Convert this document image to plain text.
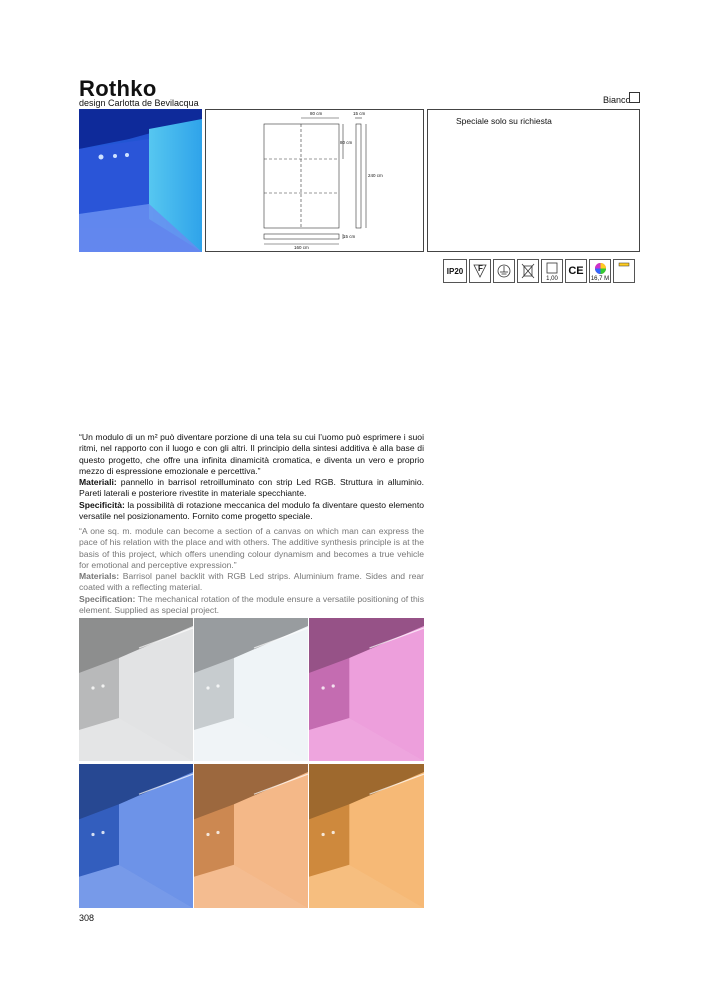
Rothko
design Carlotta de Bevilacqua	Bianco
80 cm	15 cm
80 cm
240 cm
15 cm
160 cm
Speciale solo su richiesta
IP20 F
1,00
CE
16,7 M
“Un modulo di un m² può diventare porzione di una tela su cui l’uomo può esprimere i suoi ritmi, nel rapporto con il luogo e con gli altri. Il principio della sintesi additiva è alla base di questo progetto, che offre una infinita dinamicità cromatica, e diventa un vero e proprio mezzo di espressione emozionale e percettiva.”
Materiali: pannello in barrisol retroilluminato con strip Led RGB. Struttura in alluminio. Pareti laterali e posteriore rivestite in materiale specchiante.
Specificità: la possibilità di rotazione meccanica del modulo fa diventare questo elemento versatile nel posizionamento. Fornito come progetto speciale.
“A one sq. m. module can become a section of a canvas on which man can express the pace of his relation with the place and with others. The additive synthesis principle is at the basis of this project, which offers unending colour dynamism and becomes a true vehicle for emotional and perceptive expression.”
Materials: Barrisol panel backlit with RGB Led strips. Aluminium frame. Sides and rear coated with a reflecting material.
Specification: The mechanical rotation of the module ensure a versatile positioning of this element. Supplied as special project.
308
